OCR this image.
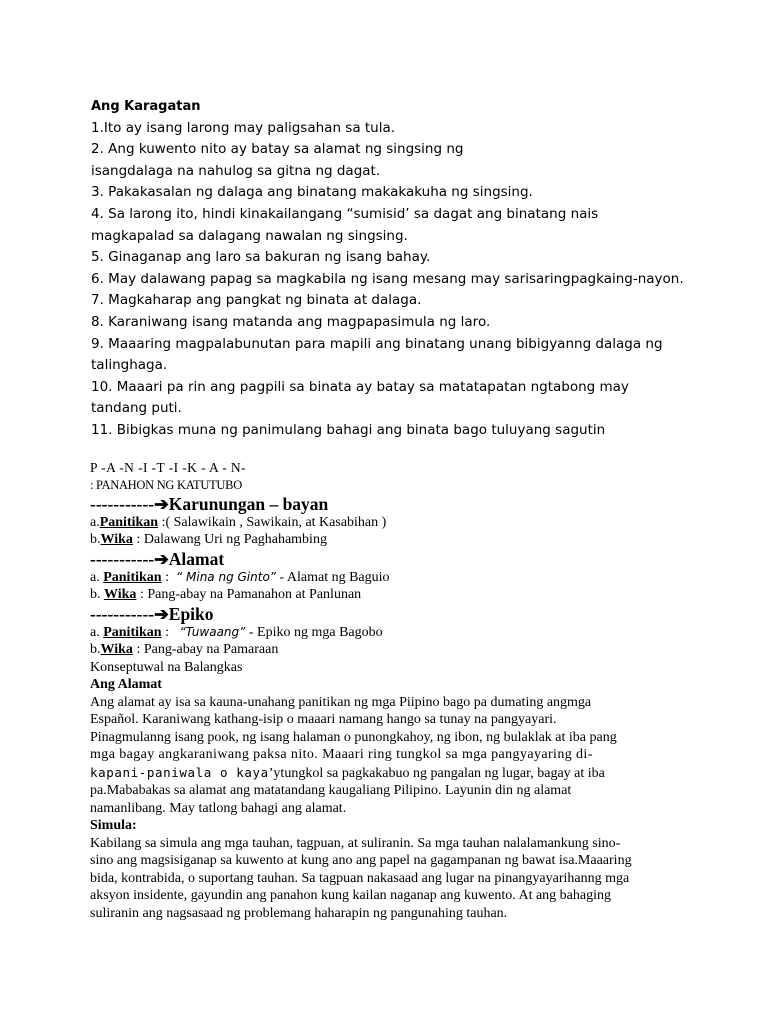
Ang Karagatan
1.Ito ay isang larong may paligsahan sa tula.
2. Ang kuwento nito ay batay sa alamat ng singsing ng
isangdalaga na nahulog sa gitna ng dagat.
3. Pakakasalan ng dalaga ang binatang makakakuha ng singsing.
4. Sa larong ito, hindi kinakailangang “sumisid’ sa dagat ang binatang nais
magkapalad sa dalagang nawalan ng singsing.
5. Ginaganap ang laro sa bakuran ng isang bahay.
6. May dalawang papag sa magkabila ng isang mesang may sarisaringpagkaing-nayon.
7. Magkaharap ang pangkat ng binata at dalaga.
8. Karaniwang isang matanda ang magpapasimula ng laro.
9. Maaaring magpalabunutan para mapili ang binatang unang bibigyanng dalaga ng
talinghaga.
10. Maaari pa rin ang pagpili sa binata ay batay sa matatapatan ngtabong may
tandang puti.
11. Bibigkas muna ng panimulang bahagi ang binata bago tuluyang sagutin
P -A -N -I -T -I -K - A - N-
: PANAHON NG KATUTUBO
-----------➔Karunungan – bayan
a.Panitikan :( Salawikain , Sawikain, at Kasabihan )
b.Wika : Dalawang Uri ng Paghahambing
-----------➔Alamat
a. Panitikan :  “ Mina ng Ginto” - Alamat ng Baguio
b. Wika : Pang-abay na Pamanahon at Panlunan
-----------➔Epiko
a. Panitikan :   “Tuwaang” - Epiko ng mga Bagobo
b.Wika : Pang-abay na Pamaraan
Konseptuwal na Balangkas
Ang Alamat
Ang alamat ay isa sa kauna-unahang panitikan ng mga Piipino bago pa dumating angmga
Español. Karaniwang kathang-isip o maaari namang hango sa tunay na pangyayari.
Pinagmulanng isang pook, ng isang halaman o punongkahoy, ng ibon, ng bulaklak at iba pang
mga bagay angkaraniwang paksa nito. Maaari ring tungkol sa mga pangyayaring di-
kapani-paniwala o kaya’ytungkol sa pagkakabuo ng pangalan ng lugar, bagay at iba
pa.Mababakas sa alamat ang matatandang kaugaliang Pilipino. Layunin din ng alamat
namanlibang. May tatlong bahagi ang alamat.
Simula:
Kabilang sa simula ang mga tauhan, tagpuan, at suliranin. Sa mga tauhan nalalamankung sino-
sino ang magsisiganap sa kuwento at kung ano ang papel na gagampanan ng bawat isa.Maaaring
bida, kontrabida, o suportang tauhan. Sa tagpuan nakasaad ang lugar na pinangyayarihanng mga
aksyon insidente, gayundin ang panahon kung kailan naganap ang kuwento. At ang bahaging
suliranin ang nagsasaad ng problemang haharapin ng pangunahing tauhan.
